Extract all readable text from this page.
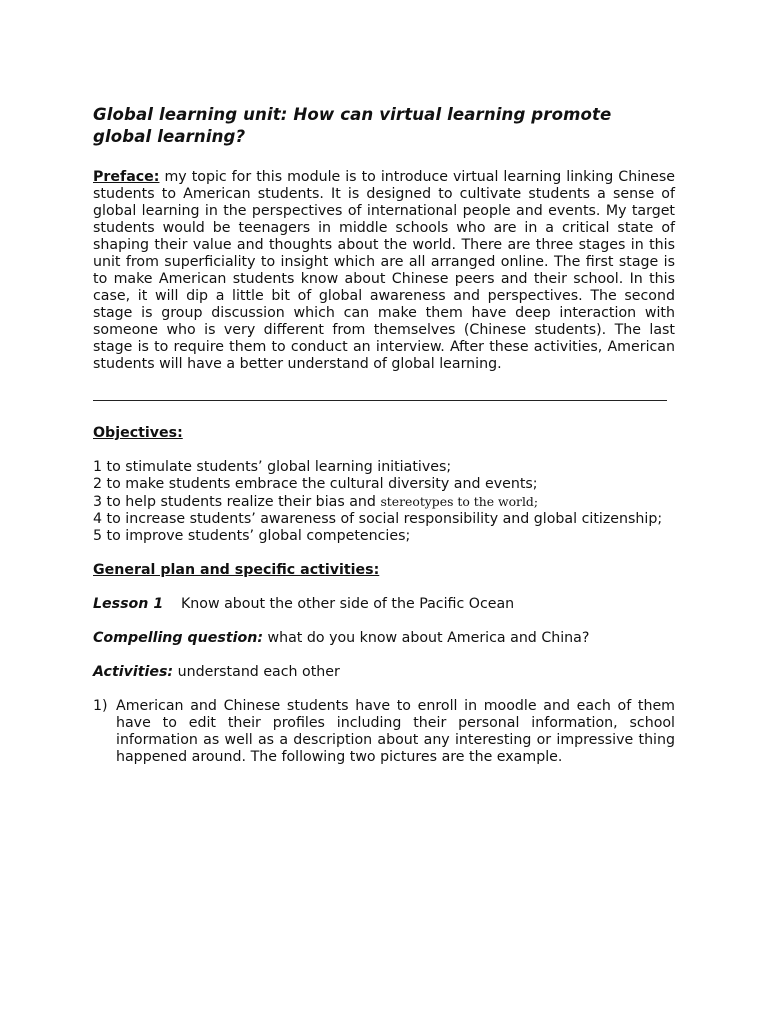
Global learning unit: How can virtual learning promote global learning?

Preface: my topic for this module is to introduce virtual learning linking Chinese students to American students. It is designed to cultivate students a sense of global learning in the perspectives of international people and events. My target students would be teenagers in middle schools who are in a critical state of shaping their value and thoughts about the world. There are three stages in this unit from superficiality to insight which are all arranged online. The first stage is to make American students know about Chinese peers and their school. In this case, it will dip a little bit of global awareness and perspectives. The second stage is group discussion which can make them have deep interaction with someone who is very different from themselves (Chinese students). The last stage is to require them to conduct an interview. After these activities, American students will have a better understand of global learning.

Objectives:

1 to stimulate students’ global learning initiatives;

2 to make students embrace the cultural diversity and events;

3 to help students realize their bias and stereotypes to the world;

4 to increase students’ awareness of social responsibility and global citizenship;

5 to improve students’ global competencies;

General plan and specific activities:

Lesson 1 Know about the other side of the Pacific Ocean

Compelling question: what do you know about America and China?

Activities: understand each other

1) American and Chinese students have to enroll in moodle and each of them have to edit their profiles including their personal information, school information as well as a description about any interesting or impressive thing happened around. The following two pictures are the example.
